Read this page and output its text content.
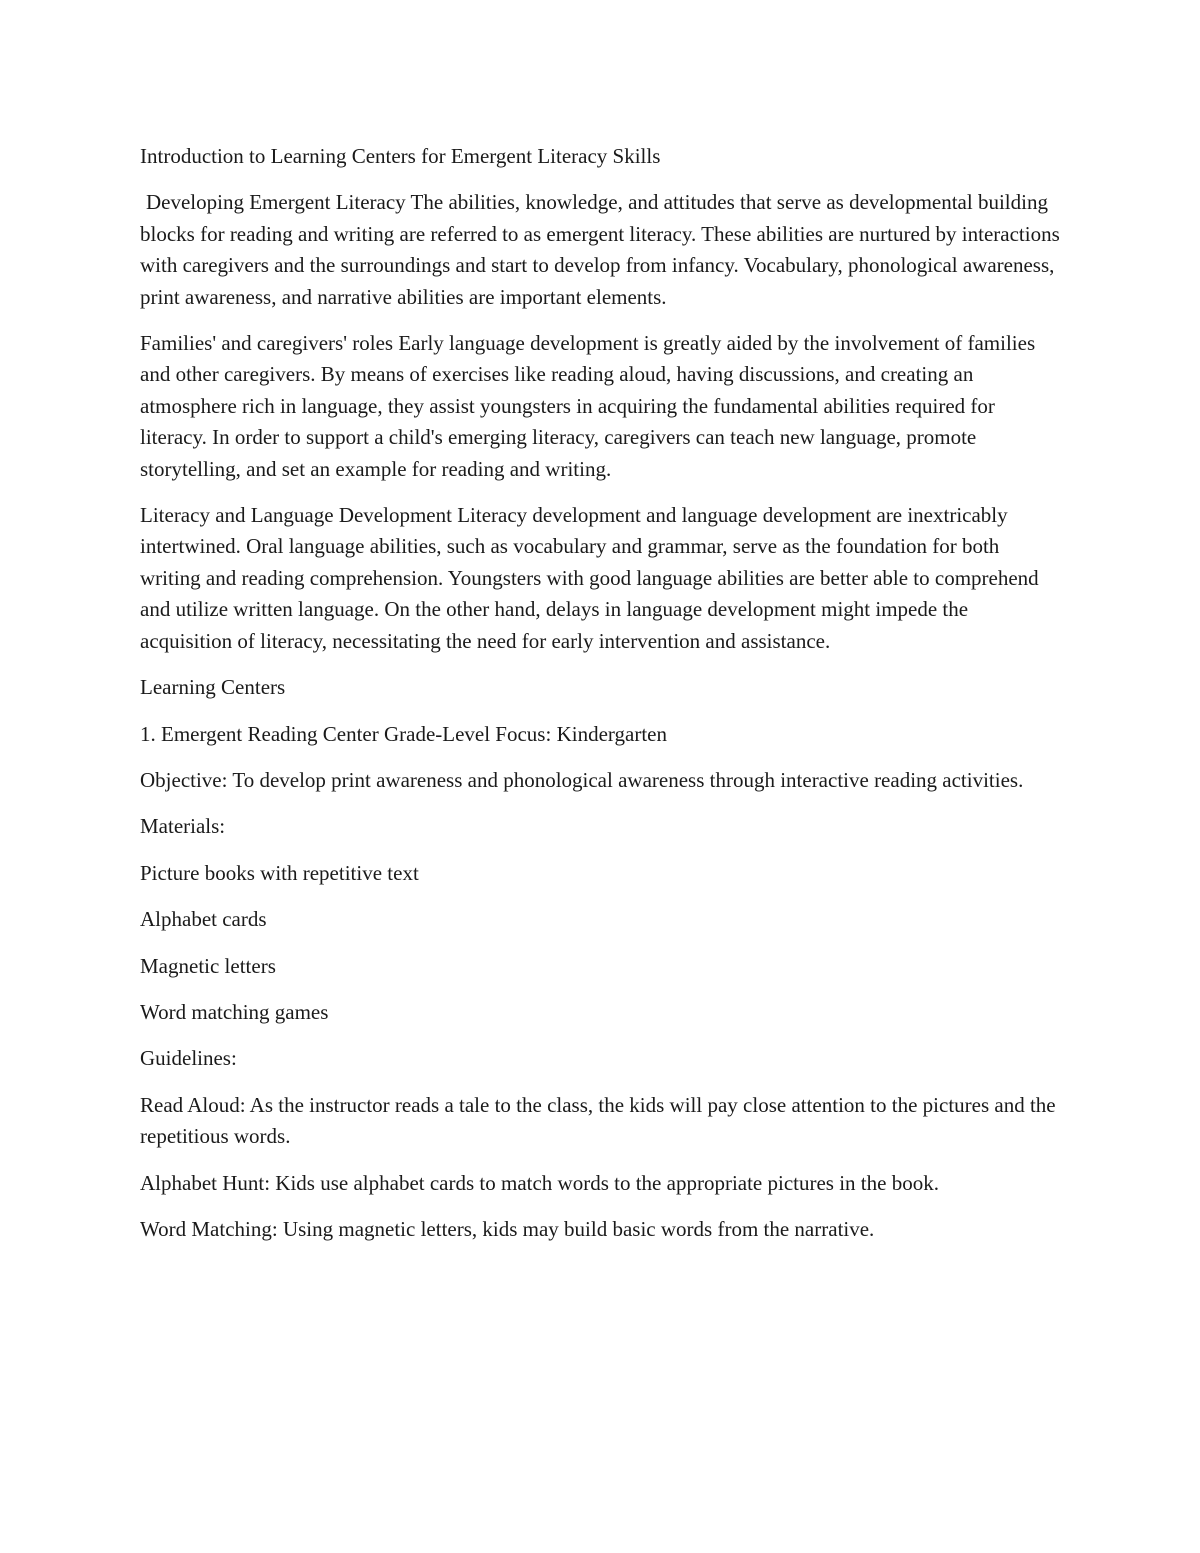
Introduction to Learning Centers for Emergent Literacy Skills

Developing Emergent Literacy The abilities, knowledge, and attitudes that serve as developmental building blocks for reading and writing are referred to as emergent literacy. These abilities are nurtured by interactions with caregivers and the surroundings and start to develop from infancy. Vocabulary, phonological awareness, print awareness, and narrative abilities are important elements.

Families' and caregivers' roles Early language development is greatly aided by the involvement of families and other caregivers. By means of exercises like reading aloud, having discussions, and creating an atmosphere rich in language, they assist youngsters in acquiring the fundamental abilities required for literacy. In order to support a child's emerging literacy, caregivers can teach new language, promote storytelling, and set an example for reading and writing.

Literacy and Language Development Literacy development and language development are inextricably intertwined. Oral language abilities, such as vocabulary and grammar, serve as the foundation for both writing and reading comprehension. Youngsters with good language abilities are better able to comprehend and utilize written language. On the other hand, delays in language development might impede the acquisition of literacy, necessitating the need for early intervention and assistance.

Learning Centers

1. Emergent Reading Center Grade-Level Focus: Kindergarten

Objective: To develop print awareness and phonological awareness through interactive reading activities.

Materials:

Picture books with repetitive text

Alphabet cards

Magnetic letters

Word matching games

Guidelines:

Read Aloud: As the instructor reads a tale to the class, the kids will pay close attention to the pictures and the repetitious words.

Alphabet Hunt: Kids use alphabet cards to match words to the appropriate pictures in the book.

Word Matching: Using magnetic letters, kids may build basic words from the narrative.
